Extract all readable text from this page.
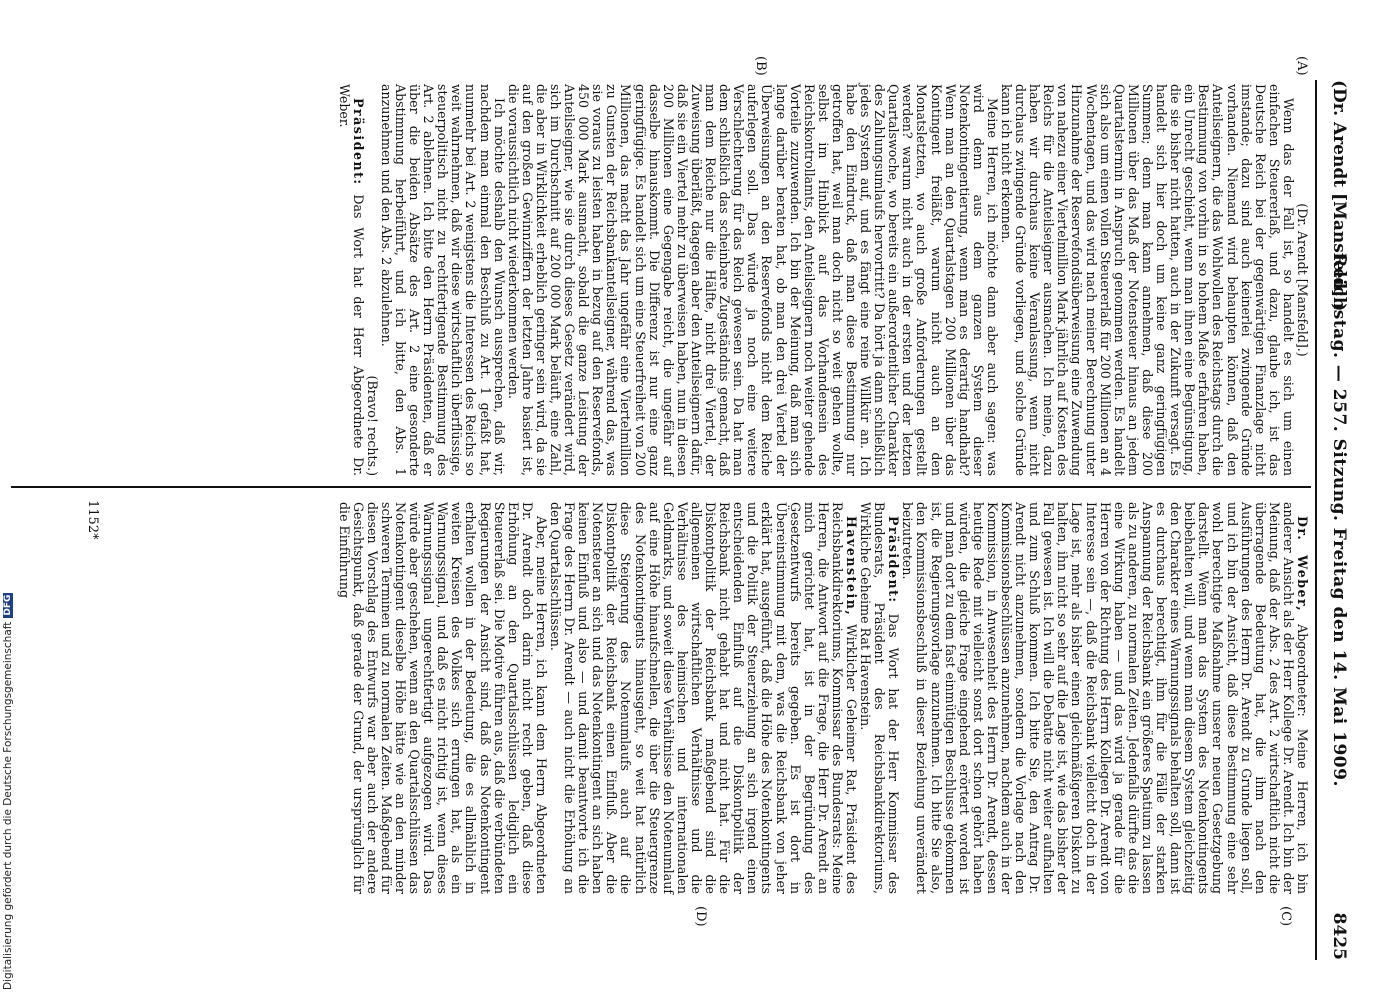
(Dr. Arendt [Mansfeld].)
Reichstag. — 257. Sitzung. Freitag den 14. Mai 1909.
8425
(A)
(B)
(C)
(D)

(Dr. Arendt [Mansfeld].)

Wenn das der Fall ist, so handelt es sich um einen einfachen Steuererlaß, und dazu, glaube ich, ist das Deutsche Reich bei der gegenwärtigen Finanzlage nicht imstande; dazu sind auch keinerlei zwingende Gründe vorhanden. Niemand wird behaupten können, daß den Anteilseignern, die das Wohlwollen des Reichstags durch die Bestimmung von vorhin in so hohem Maße erfahren haben, ein Unrecht geschieht, wenn man ihnen eine Begünstigung, die sie bisher nicht hatten, auch in der Zukunft versagt. Es handelt sich hier doch um keine ganz geringfügigen Summen; denn man kann annehmen, daß diese 200 Millionen über das Maß der Notensteuer hinaus an jedem Quartalstermin in Anspruch genommen werden. Es handelt sich also um einen vollen Steuererlaß für 200 Millionen an 4 Wochentagen, und das wird nach meiner Berechnung unter Hinzunahme der Reservefondsüberweisung eine Zuwendung von nahezu einer Viertelmillion Mark jährlich auf Kosten des Reichs für die Anteilseigner ausmachen. Ich meine, dazu haben wir durchaus keine Veranlassung, wenn nicht durchaus zwingende Gründe vorliegen, und solche Gründe kann ich nicht erkennen.

Meine Herren, ich möchte dann aber auch sagen: was wird denn aus dem ganzen System dieser Notenkontingentierung, wenn man es derartig handhabt? Wenn man an den Quartalstagen 200 Millionen über das Kontingent freiläßt, warum nicht auch an den Monatsletzten, wo auch große Anforderungen gestellt werden? warum nicht auch in der ersten und der letzten Quartalswoche, wo bereits ein außerordentlicher Charakter des Zahlungsumlaufs hervortritt? Da hört ja dann schließlich jedes System auf, und es fängt eine reine Willkür an. Ich habe den Eindruck, daß man diese Bestimmung nur getroffen hat, weil man doch nicht so weit gehen wollte, selbst im Hinblick auf das Vorhandensein des Reichskontrollamts, den Anteilseignern noch weiter gehende Vorteile zuzuwenden. Ich bin der Meinung, daß man sich lange darüber beraten hat, ob man den drei Viertel der Überweisungen an den Reservefonds nicht dem Reiche auferlegen soll. Das würde ja noch eine weitere Verschlechterung für das Reich gewesen sein. Da hat man dem schließlich das scheinbare Zugeständnis gemacht, daß man dem Reiche nur die Hälfte, nicht drei Viertel, der Zuweisung überläßt, dagegen aber den Anteilseignern dafür, daß sie ein Viertel mehr zu überweisen haben, nun in diesen 200 Millionen eine Gegengabe reicht, die ungefähr auf dasselbe hinauskommt. Die Differenz ist nur eine ganz geringfügige. Es handelt sich um eine Steuerfreiheit von 200 Millionen, das macht das Jahr ungefähr eine Viertelmillion zu Gunsten der Reichsbankanteilseigner, während das, was sie voraus zu leisten haben in bezug auf den Reservefonds, 450 000 Mark ausmacht, sobald die ganze Leistung der Anteilseigner, wie sie durch dieses Gesetz verändert wird, sich im Durchschnitt auf 200 000 Mark beläuft, eine Zahl, die aber in Wirklichkeit erheblich geringer sein wird, da sie auf den großen Gewinnziffern der letzten Jahre basiert ist, die voraussichtlich nicht wiederkommen werden.

Ich möchte deshalb den Wunsch aussprechen, daß wir, nachdem man einmal den Beschluß zu Art. 1 gefaßt hat, nunmehr bei Art. 2 wenigstens die Interessen des Reichs so weit wahrnehmen, daß wir diese wirtschaftlich überflüssige, steuerpolitisch nicht zu rechtfertigende Bestimmung des Art. 2 ablehnen. Ich bitte den Herrn Präsidenten, daß er über die beiden Absätze des Art. 2 eine gesonderte Abstimmung herbeiführt, und ich bitte, den Abs. 1 anzunehmen und den Abs. 2 abzulehnen.

(Bravo! rechts.)

Präsident: Das Wort hat der Herr Abgeordnete Dr. Weber.

Dr. Weber, Abgeordneter: Meine Herren, ich bin anderer Ansicht als der Herr Kollege Dr. Arendt. Ich bin der Meinung, daß der Abs. 2 des Art. 2 wirtschaftlich nicht die überragende Bedeutung hat, die ihm nach den Ausführungen des Herrn Dr. Arendt zu Grunde liegen soll, und ich bin der Ansicht, daß diese Bestimmung eine sehr wohl berechtigte Maßnahme unserer neuen Gesetzgebung darstellt. Wenn man das System des Notenkontingents beibehalten will, und wenn man diesem System gleichzeitig den Charakter eines Warnungssignals behalten soll, dann ist es durchaus berechtigt, ihm für die Fälle der starken Anspannung der Reichsbank ein größeres Spatium zu lassen als zu anderen, zu normalen Zeiten. Jedenfalls dürfte das die eine Wirkung haben — und das wird ja gerade für die Herren von der Richtung des Herrn Kollegen Dr. Arendt von Interesse sein —, daß die Reichsbank vielleicht doch in der Lage ist, mehr als bisher einen gleichmäßigeren Diskont zu halten, ihn nicht so sehr auf die Lage ist, wie das bisher der Fall gewesen ist. Ich will die Debatte nicht weiter aufhalten und zum Schluß kommen. Ich bitte Sie, den Antrag Dr. Arendt nicht anzunehmen, sondern die Vorlage nach den Kommissionsbeschlüssen anzunehmen, nachdem auch in der Kommission, in Anwesenheit des Herrn Dr. Arendt, dessen heutige Rede mit vielleicht sonst dort schon gehört haben würden, die gleiche Frage eingehend erörtert worden ist und man dort zu dem fast einmütigen Beschlusse gekommen ist, die Regierungsvorlage anzunehmen. Ich bitte Sie also, den Kommissionsbeschluß in dieser Beziehung unverändert beizutreten.

Präsident: Das Wort hat der Herr Kommissar des Bundesrats, Präsident des Reichsbankdirektoriums, Wirkliche Geheime Rat Havenstein.

Havenstein, Wirklicher Geheimer Rat, Präsident des Reichsbankdirektoriums, Kommissar des Bundesrats: Meine Herren, die Antwort auf die Frage, die Herr Dr. Arendt an mich gerichtet hat, ist in der Begründung des Gesetzentwurfs bereits gegeben. Es ist dort in Übereinstimmung mit dem, was die Reichsbank von jeher erklärt hat, ausgeführt, daß die Höhe des Notenkontingents und die Politik der Steuerziehung an sich irgend einen entscheidenden Einfluß auf die Diskontpolitik der Reichsbank nicht gehabt hat und nicht hat. Für die Diskontpolitik der Reichsbank maßgebend sind die allgemeinen wirtschaftlichen Verhältnisse und die Verhältnisse des heimischen und internationalen Geldmarkts, und soweit diese Verhältnisse den Notenumlauf auf eine Höhe hinaufschnellen, die über die Steuergrenze des Notenkontingents hinausgeht, so weit hat natürlich diese Steigerung des Notenumlaufs auch auf die Diskontpolitik der Reichsbank einen Einfluß. Aber die Notensteuer an sich und das Notenkontingent an sich haben keinen Einfluß und also — und damit beantworte ich die Frage des Herrn Dr. Arendt — auch nicht die Erhöhung an den Quartalsschlüssen.

Aber, meine Herren, ich kann dem Herrn Abgeordneten Dr. Arendt doch darin nicht recht geben, daß diese Erhöhung an den Quartalsschlüssen lediglich ein Steuererlaß sei. Die Motive führen aus, daß die verbündeten Regierungen der Ansicht sind, daß das Notenkontingent erhalten wollen in der Bedeutung, die es allmählich in weiten Kreisen des Volkes sich errungen hat, als ein Warnungssignal, und daß es nicht richtig ist, wenn dieses Warnungssignal ungerechtfertigt aufgezogen wird. Das würde aber geschehen, wenn an den Quartalsschlüssen das Notenkontingent dieselbe Höhe hätte wie an den minder schweren Terminen und zu normalen Zeiten. Maßgebend für diesen Vorschlag des Entwurfs war aber auch der andere Gesichtspunkt, daß gerade der Grund, der ursprünglich für die Einführung

1152*
Digitalisierung gefördert durch die Deutsche ForschungsgemeinschaftDFG
